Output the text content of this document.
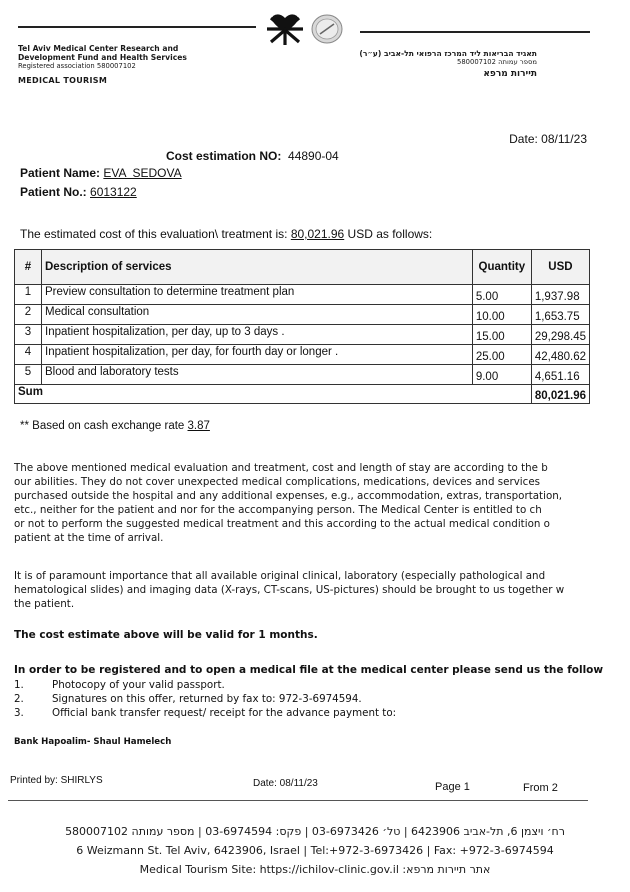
Tel Aviv Medical Center Research and
Development Fund and Health Services
Registered association 580007102
MEDICAL TOURISM
תאגיד הבריאות ליד המרכז הרפואי תל-אביב (ע״ר)
מספר עמותה 580007102
תיירות מרפא
Date: 08/11/23
Cost estimation NO: 44890-04
Patient Name: EVA  SEDOVA
Patient No.: 6013122
The estimated cost of this evaluation\ treatment is: 80,021.96 USD as follows:
#	Description of services	Quantity	USD
1	Preview consultation to determine treatment plan	5.00	1,937.98
2	Medical consultation	10.00	1,653.75
3	Inpatient hospitalization, per day, up to 3 days .	15.00	29,298.45
4	Inpatient hospitalization, per day, for fourth day or longer .	25.00	42,480.62
5	Blood and laboratory tests	9.00	4,651.16
Sum			80,021.96
** Based on cash exchange rate 3.87
The above mentioned medical evaluation and treatment, cost and length of stay are according to the b
our abilities. They do not cover unexpected medical complications, medications, devices and services
purchased outside the hospital and any additional expenses, e.g., accommodation, extras, transportation,
etc., neither for the patient and nor for the accompanying person. The Medical Center is entitled to ch
or not to perform the suggested medical treatment and this according to the actual medical condition o
patient at the time of arrival.
It is of paramount importance that all available original clinical, laboratory (especially pathological and
hematological slides) and imaging data (X-rays, CT-scans, US-pictures) should be brought to us together w
the patient.
The cost estimate above will be valid for 1 months.
In order to be registered and to open a medical file at the medical center please send us the follow
1.	Photocopy of your valid passport.
2.	Signatures on this offer, returned by fax to: 972-3-6974594.
3.	Official bank transfer request/ receipt for the advance payment to:
Bank Hapoalim- Shaul Hamelech
Printed by: SHIRLYS	Date: 08/11/23	Page 1	From 2
רח׳ ויצמן 6, תל-אביב 6423906 | טל׳ 03-6973426 | פקס: 03-6974594 | מספר עמותה 580007102
6 Weizmann St. Tel Aviv, 6423906, Israel | Tel:+972-3-6973426 | Fax: +972-3-6974594
Medical Tourism Site: https://ichilov-clinic.gov.il :אתר תיירות מרפא
